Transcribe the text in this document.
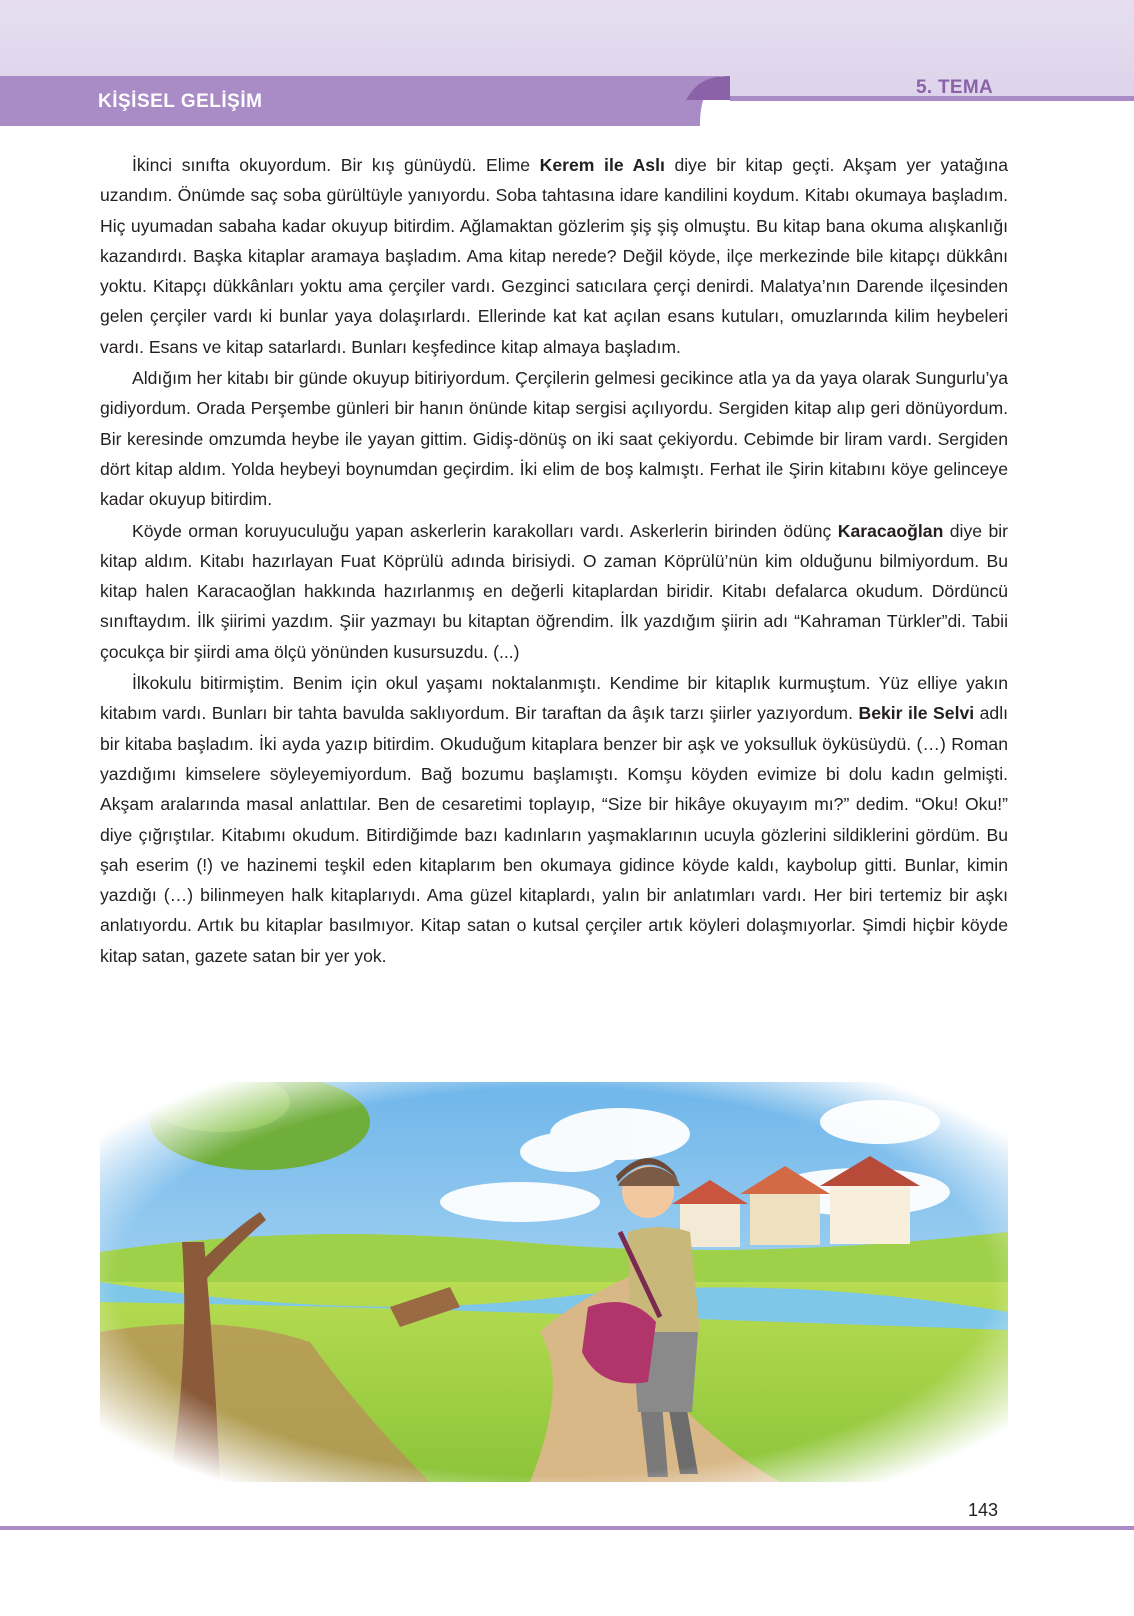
KİŞİSEL GELİŞİM
5. TEMA

İkinci sınıfta okuyordum. Bir kış günüydü. Elime Kerem ile Aslı diye bir kitap geçti. Akşam yer yatağına uzandım. Önümde saç soba gürültüyle yanıyordu. Soba tahtasına idare kandilini koydum. Kitabı okumaya başladım. Hiç uyumadan sabaha kadar okuyup bitirdim. Ağlamaktan gözlerim şiş şiş olmuştu. Bu kitap bana okuma alışkanlığı kazandırdı. Başka kitaplar aramaya başladım. Ama kitap nerede? Değil köyde, ilçe merkezinde bile kitapçı dükkânı yoktu. Kitapçı dükkânları yoktu ama çerçiler vardı. Gezginci satıcılara çerçi denirdi. Malatya’nın Darende ilçesinden gelen çerçiler vardı ki bunlar yaya dolaşırlardı. Ellerinde kat kat açılan esans kutuları, omuzlarında kilim heybeleri vardı. Esans ve kitap satarlardı. Bunları keşfedince kitap almaya başladım.

Aldığım her kitabı bir günde okuyup bitiriyordum. Çerçilerin gelmesi gecikince atla ya da yaya olarak Sungurlu’ya gidiyordum. Orada Perşembe günleri bir hanın önünde kitap sergisi açılıyordu. Sergiden kitap alıp geri dönüyordum. Bir keresinde omzumda heybe ile yayan gittim. Gidiş-dönüş on iki saat çekiyordu. Cebimde bir liram vardı. Sergiden dört kitap aldım. Yolda heybeyi boynumdan geçirdim. İki elim de boş kalmıştı. Ferhat ile Şirin kitabını köye gelinceye kadar okuyup bitirdim.

Köyde orman koruyuculuğu yapan askerlerin karakolları vardı. Askerlerin birinden ödünç Karacaoğlan diye bir kitap aldım. Kitabı hazırlayan Fuat Köprülü adında birisiydi. O zaman Köprülü’nün kim olduğunu bilmiyordum. Bu kitap halen Karacaoğlan hakkında hazırlanmış en değerli kitaplardan biridir. Kitabı defalarca okudum. Dördüncü sınıftaydım. İlk şiirimi yazdım. Şiir yazmayı bu kitaptan öğrendim. İlk yazdığım şiirin adı “Kahraman Türkler”di. Tabii çocukça bir şiirdi ama ölçü yönünden kusursuzdu. (...)

İlkokulu bitirmiştim. Benim için okul yaşamı noktalanmıştı. Kendime bir kitaplık kurmuştum. Yüz elliye yakın kitabım vardı. Bunları bir tahta bavulda saklıyordum. Bir taraftan da âşık tarzı şiirler yazıyordum. Bekir ile Selvi adlı bir kitaba başladım. İki ayda yazıp bitirdim. Okuduğum kitaplara benzer bir aşk ve yoksulluk öyküsüydü. (…) Roman yazdığımı kimselere söyleyemiyordum. Bağ bozumu başlamıştı. Komşu köyden evimize bi dolu kadın gelmişti. Akşam aralarında masal anlattılar. Ben de cesaretimi toplayıp, “Size bir hikâye okuyayım mı?” dedim. “Oku! Oku!” diye çığrıştılar. Kitabımı okudum. Bitirdiğimde bazı kadınların yaşmaklarının ucuyla gözlerini sildiklerini gördüm. Bu şah eserim (!) ve hazinemi teşkil eden kitaplarım ben okumaya gidince köyde kaldı, kaybolup gitti. Bunlar, kimin yazdığı (…) bilinmeyen halk kitaplarıydı. Ama güzel kitaplardı, yalın bir anlatımları vardı. Her biri tertemiz bir aşkı anlatıyordu. Artık bu kitaplar basılmıyor. Kitap satan o kutsal çerçiler artık köyleri dolaşmıyorlar. Şimdi hiçbir köyde kitap satan, gazete satan bir yer yok.

143
